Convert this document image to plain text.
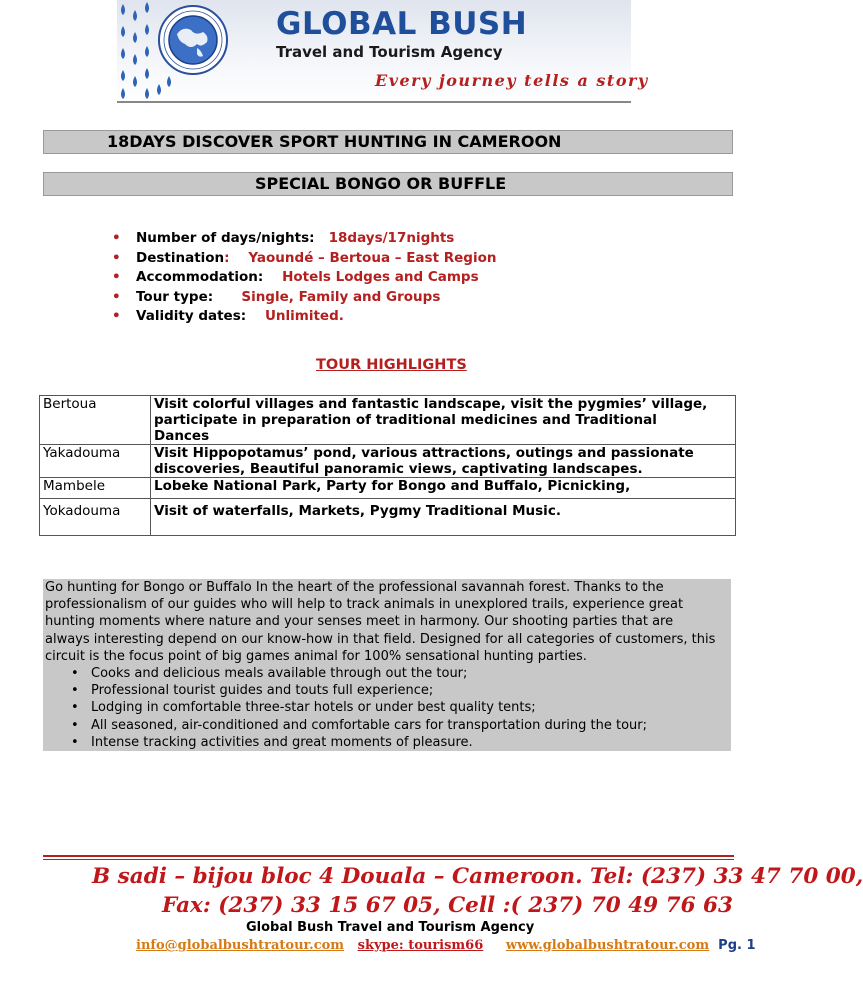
GLOBAL BUSH
Travel and Tourism Agency
Every journey tells a story
18DAYS DISCOVER SPORT HUNTING IN CAMEROON
SPECIAL BONGO OR BUFFLE
• Number of days/nights: 18days/17nights
• Destination: Yaoundé – Bertoua – East Region
• Accommodation: Hotels Lodges and Camps
• Tour type: Single, Family and Groups
• Validity dates: Unlimited.
TOUR HIGHLIGHTS
Bertoua	Visit colorful villages and fantastic landscape, visit the pygmies’ village,
participate in preparation of traditional medicines and Traditional
Dances

Yakadouma	Visit Hippopotamus’ pond, various attractions, outings and passionate
discoveries, Beautiful panoramic views, captivating landscapes.

Mambele	Lobeke National Park, Party for Bongo and Buffalo, Picnicking,

Yokadouma	Visit of waterfalls, Markets, Pygmy Traditional Music.
Go hunting for Bongo or Buffalo In the heart of the professional savannah forest. Thanks to the
professionalism of our guides who will help to track animals in unexplored trails, experience great
hunting moments where nature and your senses meet in harmony. Our shooting parties that are
always interesting depend on our know-how in that field. Designed for all categories of customers, this
circuit is the focus point of big games animal for 100% sensational hunting parties.
• Cooks and delicious meals available through out the tour;
• Professional tourist guides and touts full experience;
• Lodging in comfortable three-star hotels or under best quality tents;
• All seasoned, air-conditioned and comfortable cars for transportation during the tour;
• Intense tracking activities and great moments of pleasure.
B sadi – bijou bloc 4 Douala – Cameroon. Tel: (237) 33 47 70 00,
Fax: (237) 33 15 67 05, Cell :( 237) 70 49 76 63
Global Bush Travel and Tourism Agency
info@globalbushtratour.com skype: tourism66 www.globalbushtratour.com Pg. 1
